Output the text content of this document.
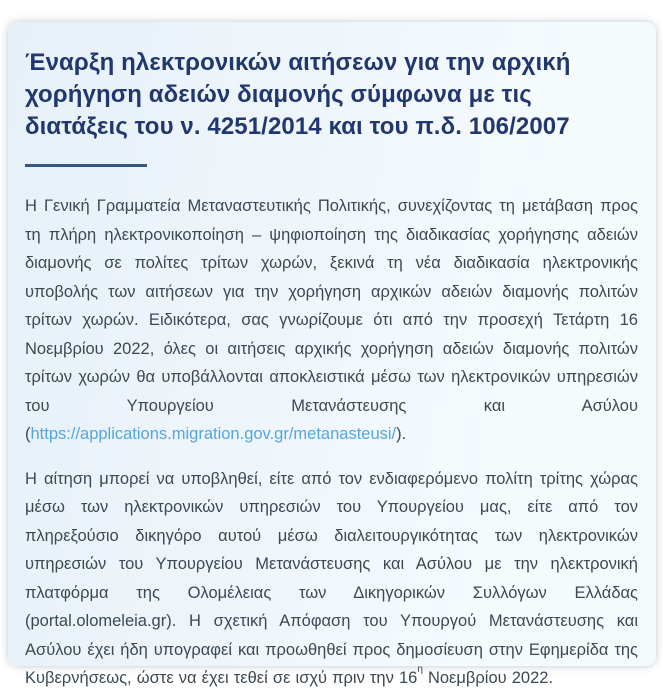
Έναρξη ηλεκτρονικών αιτήσεων για την αρχική χορήγηση αδειών διαμονής σύμφωνα με τις διατάξεις του ν. 4251/2014 και του π.δ. 106/2007

Η Γενική Γραμματεία Μεταναστευτικής Πολιτικής, συνεχίζοντας τη μετάβαση προς τη πλήρη ηλεκτρονικοποίηση – ψηφιοποίηση της διαδικασίας χορήγησης αδειών διαμονής σε πολίτες τρίτων χωρών, ξεκινά τη νέα διαδικασία ηλεκτρονικής υποβολής των αιτήσεων για την χορήγηση αρχικών αδειών διαμονής πολιτών τρίτων χωρών. Ειδικότερα, σας γνωρίζουμε ότι από την προσεχή Τετάρτη 16 Νοεμβρίου 2022, όλες οι αιτήσεις αρχικής χορήγηση αδειών διαμονής πολιτών τρίτων χωρών θα υποβάλλονται αποκλειστικά μέσω των ηλεκτρονικών υπηρεσιών του Υπουργείου Μετανάστευσης και Ασύλου (https://applications.migration.gov.gr/metanasteusi/).

Η αίτηση μπορεί να υποβληθεί, είτε από τον ενδιαφερόμενο πολίτη τρίτης χώρας μέσω των ηλεκτρονικών υπηρεσιών του Υπουργείου μας, είτε από τον πληρεξούσιο δικηγόρο αυτού μέσω διαλειτουργικότητας των ηλεκτρονικών υπηρεσιών του Υπουργείου Μετανάστευσης και Ασύλου με την ηλεκτρονική πλατφόρμα της Ολομέλειας των Δικηγορικών Συλλόγων Ελλάδας (portal.olomeleia.gr). Η σχετική Απόφαση του Υπουργού Μετανάστευσης και Ασύλου έχει ήδη υπογραφεί και προωθηθεί προς δημοσίευση στην Εφημερίδα της Κυβερνήσεως, ώστε να έχει τεθεί σε ισχύ πριν την $16^\eta$ Νοεμβρίου 2022.
